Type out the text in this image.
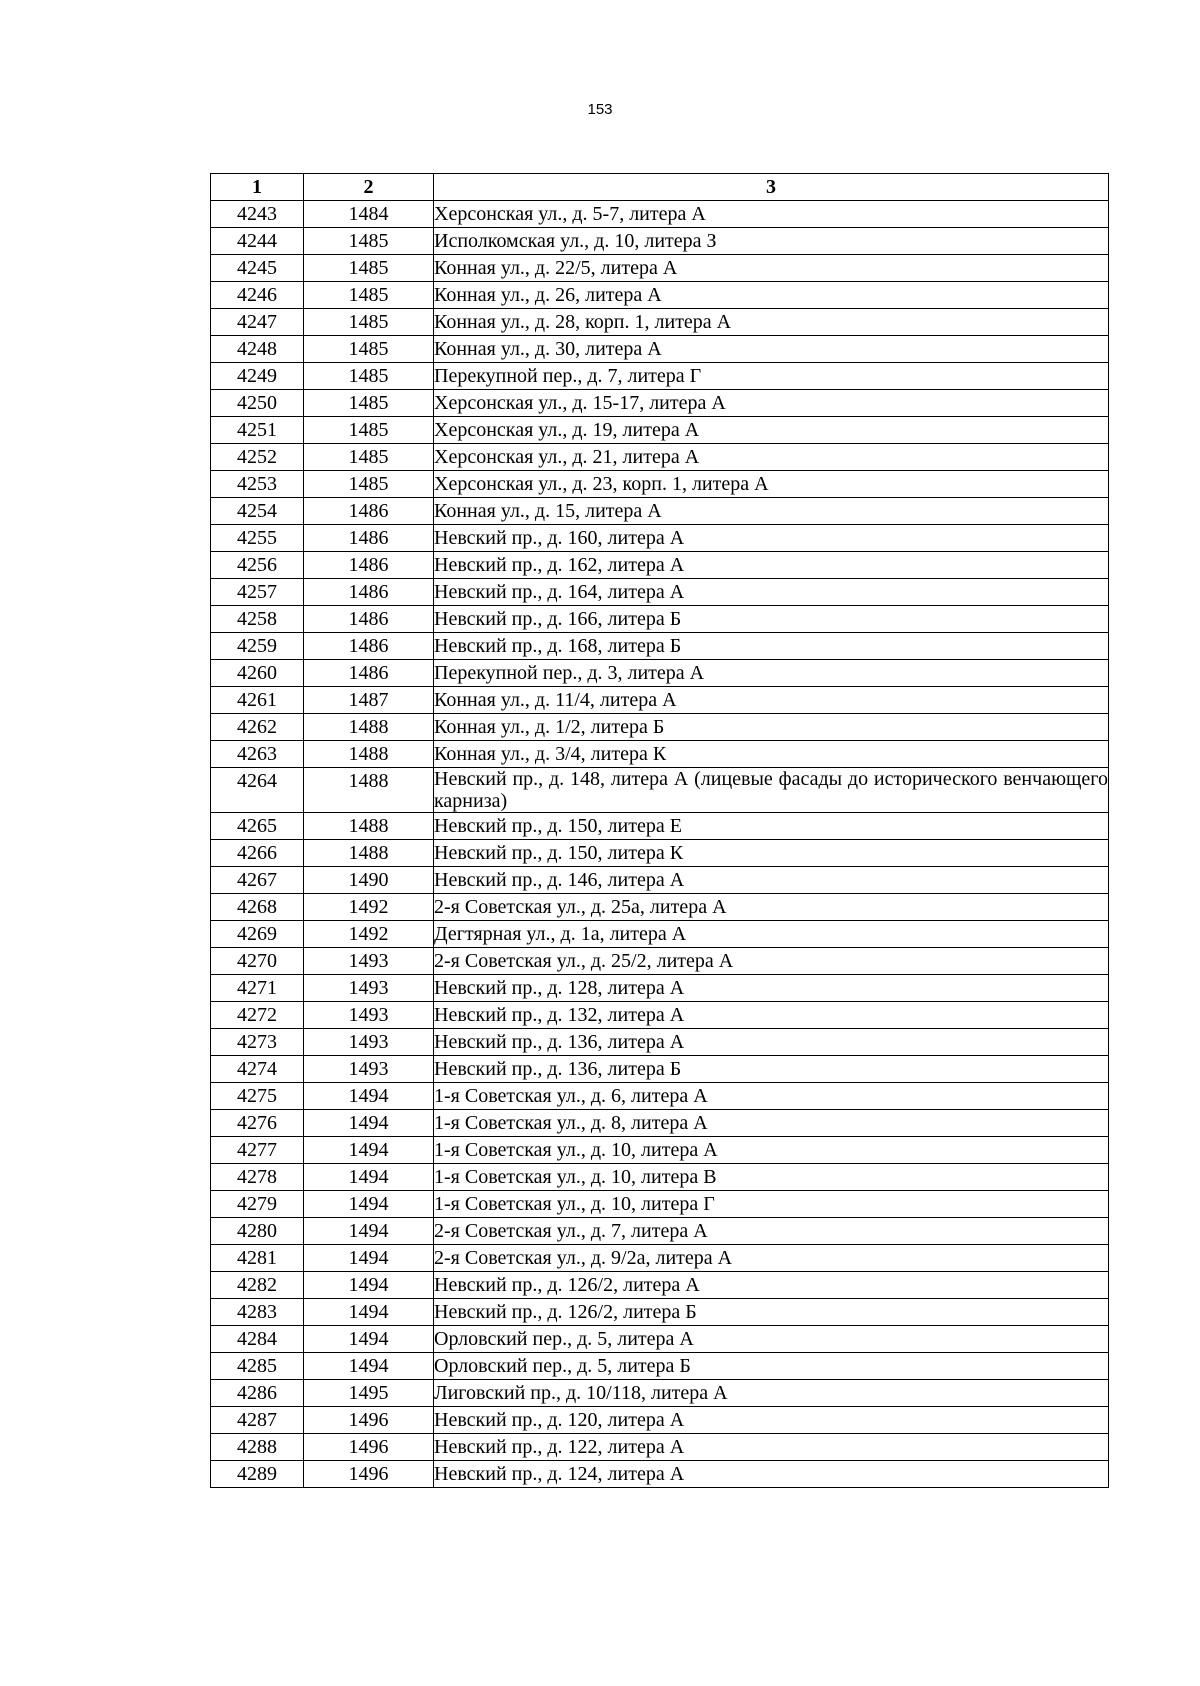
153
1	2	3
4243	1484	Херсонская ул., д. 5-7, литера А
4244	1485	Исполкомская ул., д. 10, литера З
4245	1485	Конная ул., д. 22/5, литера А
4246	1485	Конная ул., д. 26, литера А
4247	1485	Конная ул., д. 28, корп. 1, литера А
4248	1485	Конная ул., д. 30, литера А
4249	1485	Перекупной пер., д. 7, литера Г
4250	1485	Херсонская ул., д. 15-17, литера А
4251	1485	Херсонская ул., д. 19, литера А
4252	1485	Херсонская ул., д. 21, литера А
4253	1485	Херсонская ул., д. 23, корп. 1, литера А
4254	1486	Конная ул., д. 15, литера А
4255	1486	Невский пр., д. 160, литера А
4256	1486	Невский пр., д. 162, литера А
4257	1486	Невский пр., д. 164, литера А
4258	1486	Невский пр., д. 166, литера Б
4259	1486	Невский пр., д. 168, литера Б
4260	1486	Перекупной пер., д. 3, литера А
4261	1487	Конная ул., д. 11/4, литера А
4262	1488	Конная ул., д. 1/2, литера Б
4263	1488	Конная ул., д. 3/4, литера К
4264	1488	Невский пр., д. 148, литера А (лицевые фасады до исторического венчающего карниза)
4265	1488	Невский пр., д. 150, литера Е
4266	1488	Невский пр., д. 150, литера К
4267	1490	Невский пр., д. 146, литера А
4268	1492	2-я Советская ул., д. 25а, литера А
4269	1492	Дегтярная ул., д. 1а, литера А
4270	1493	2-я Советская ул., д. 25/2, литера А
4271	1493	Невский пр., д. 128, литера А
4272	1493	Невский пр., д. 132, литера А
4273	1493	Невский пр., д. 136, литера А
4274	1493	Невский пр., д. 136, литера Б
4275	1494	1-я Советская ул., д. 6, литера А
4276	1494	1-я Советская ул., д. 8, литера А
4277	1494	1-я Советская ул., д. 10, литера А
4278	1494	1-я Советская ул., д. 10, литера В
4279	1494	1-я Советская ул., д. 10, литера Г
4280	1494	2-я Советская ул., д. 7, литера А
4281	1494	2-я Советская ул., д. 9/2а, литера А
4282	1494	Невский пр., д. 126/2, литера А
4283	1494	Невский пр., д. 126/2, литера Б
4284	1494	Орловский пер., д. 5, литера А
4285	1494	Орловский пер., д. 5, литера Б
4286	1495	Лиговский пр., д. 10/118, литера А
4287	1496	Невский пр., д. 120, литера А
4288	1496	Невский пр., д. 122, литера А
4289	1496	Невский пр., д. 124, литера А
